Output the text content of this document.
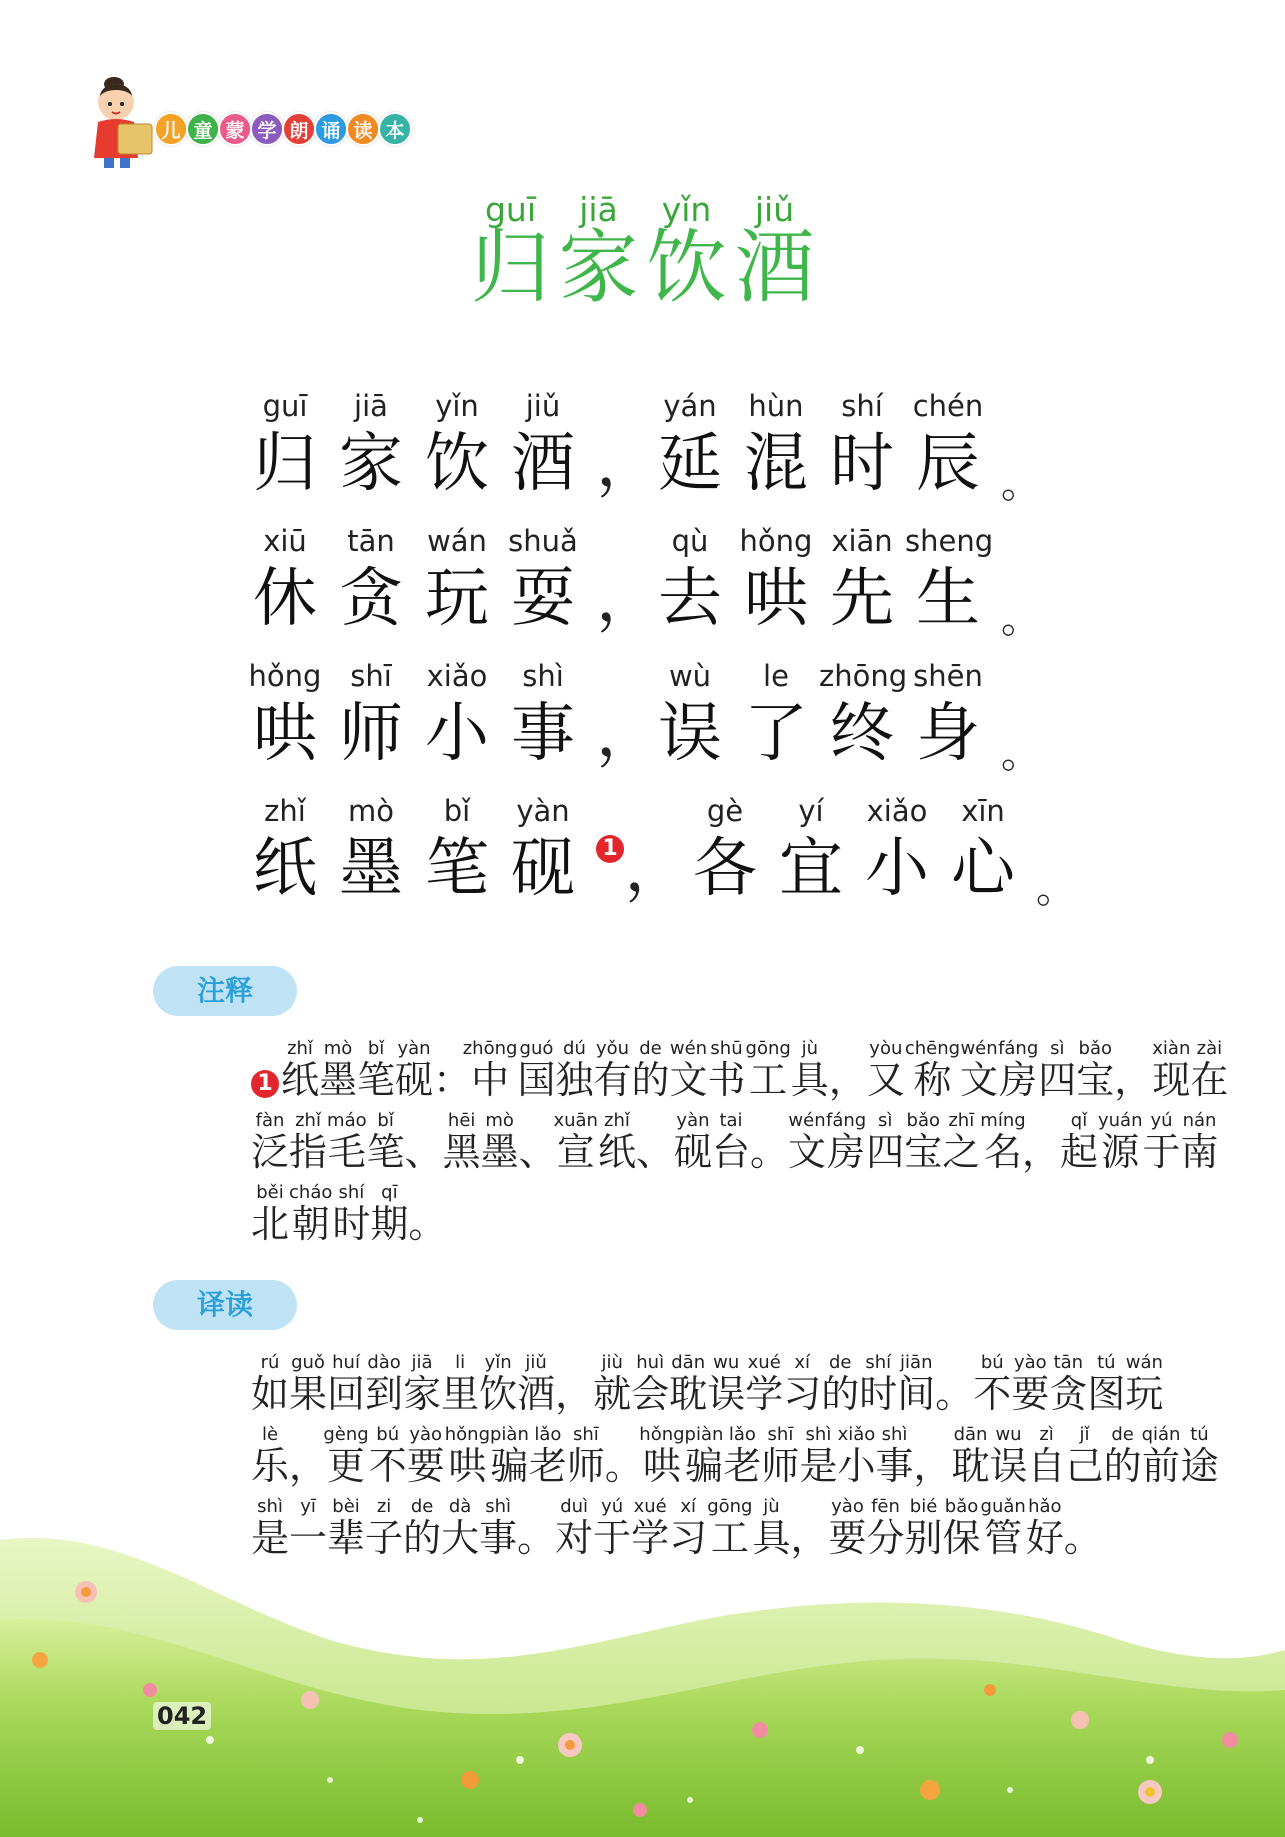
儿 童 蒙 学 朗 诵 读 本
guī	jiā	yǐn	jiǔ
归 家 饮 酒
guī
归
jiā
家
yǐn
饮
jiǔ
酒
yán
延
hùn
混
shí
时
chén
辰
，	。
xiū
休
tān
贪
wán
玩
shuǎ
耍
qù
去
hǒng
哄
xiān
先
sheng
生
，	。
hǒng
哄
shī
师
xiǎo
小
shì
事
wù
误
le
了
zhōng
终
shēn
身
，	。
zhǐ
纸
mò
墨
bǐ
笔
yàn
砚
gè
各
yí
宜
xiǎo
小
xīn
心
1 ，	。
注释
1 纸zhǐ墨mò笔bǐ砚yàn：中zhōng国guó独dú有yǒu的de文wén书shū工gōng具jù，又yòu称chēng文wén房fáng四sì宝bǎo，现xiàn在zài泛fàn指zhǐ毛máo笔bǐ、黑hēi墨mò、宣xuān纸zhǐ、砚yàn台tai。文wén房fáng四sì宝bǎo之zhī名míng，起qǐ源yuán于yú南nán北běi朝cháo时shí期qī。
译读
如rú果guǒ回huí到dào家jiā里li饮yǐn酒jiǔ，就jiù会huì耽dān误wu学xué习xí的de时shí间jiān。不bú要yào贪tān图tú玩wán乐lè，更gèng不bú要yào哄hǒng骗piàn老lǎo师shī。哄hǒng骗piàn老lǎo师shī是shì小xiǎo事shì，耽dān误wu自zì己jǐ的de前qián途tú是shì一yī辈bèi子zi的de大dà事shì。对duì于yú学xué习xí工gōng具jù，要yào分fēn别bié保bǎo管guǎn好hǎo。
042
